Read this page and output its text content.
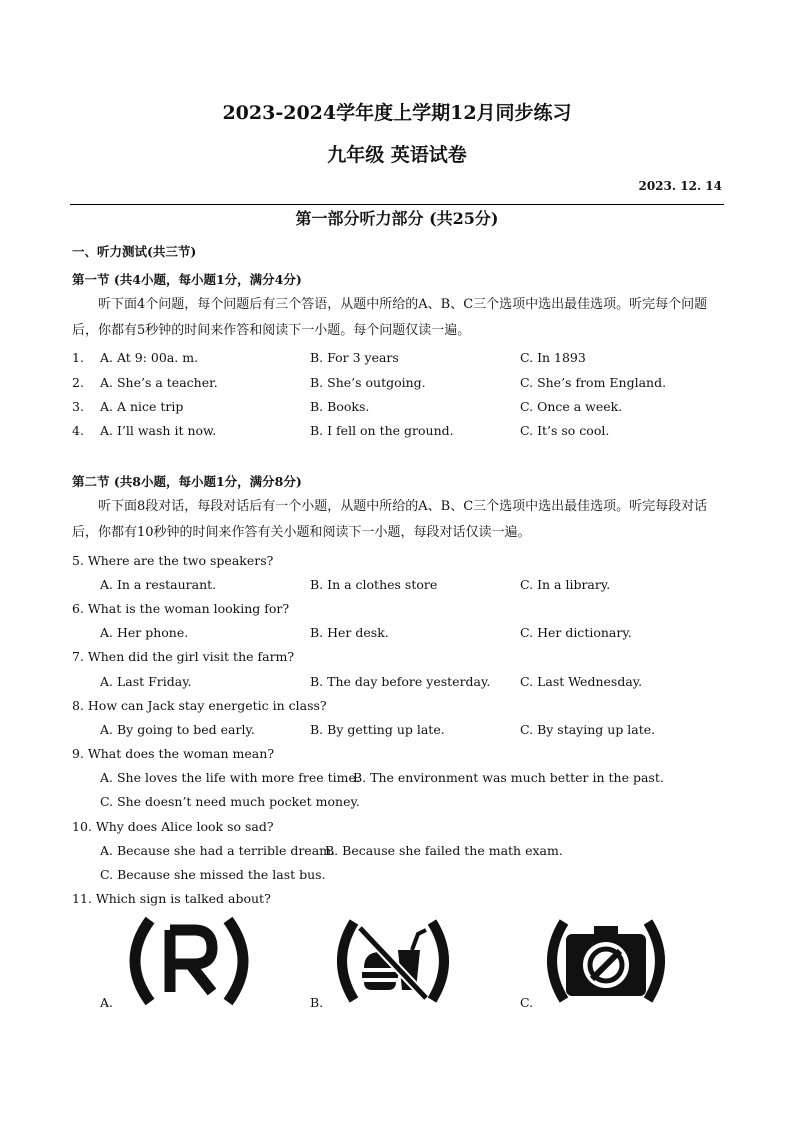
2023-2024学年度上学期12月同步练习
九年级 英语试卷
2023. 12. 14
第一部分听力部分 (共25分)
一、听力测试(共三节)
第一节 (共4小题，每小题1分，满分4分)
听下面4个问题，每个问题后有三个答语，从题中所给的A、B、C三个选项中选出最佳选项。听完每个问题后，你都有5秒钟的时间来作答和阅读下一小题。每个问题仅读一遍。
1. A. At 9: 00a. m.	B. For 3 years	C. In 1893
2. A. She’s a teacher.	B. She’s outgoing.	C. She’s from England.
3. A. A nice trip	B. Books.	C. Once a week.
4. A. I’ll wash it now.	B. I fell on the ground.	C. It’s so cool.
第二节 (共8小题，每小题1分，满分8分)
听下面8段对话，每段对话后有一个小题，从题中所给的A、B、C三个选项中选出最佳选项。听完每段对话后，你都有10秒钟的时间来作答有关小题和阅读下一小题，每段对话仅读一遍。
5. Where are the two speakers?
A. In a restaurant.	B. In a clothes store	C. In a library.
6. What is the woman looking for?
A. Her phone.	B. Her desk.	C. Her dictionary.
7. When did the girl visit the farm?
A. Last Friday.	B. The day before yesterday. C. Last Wednesday.
8. How can Jack stay energetic in class?
A. By going to bed early.	B. By getting up late.	C. By staying up late.
9. What does the woman mean?
A. She loves the life with more free time.
B. The environment was much better in the past.
C. She doesn’t need much pocket money.
10. Why does Alice look so sad?
A. Because she had a terrible dream.
B. Because she failed the math exam.
C. Because she missed the last bus.
11. Which sign is talked about?
A.	B.	C.
